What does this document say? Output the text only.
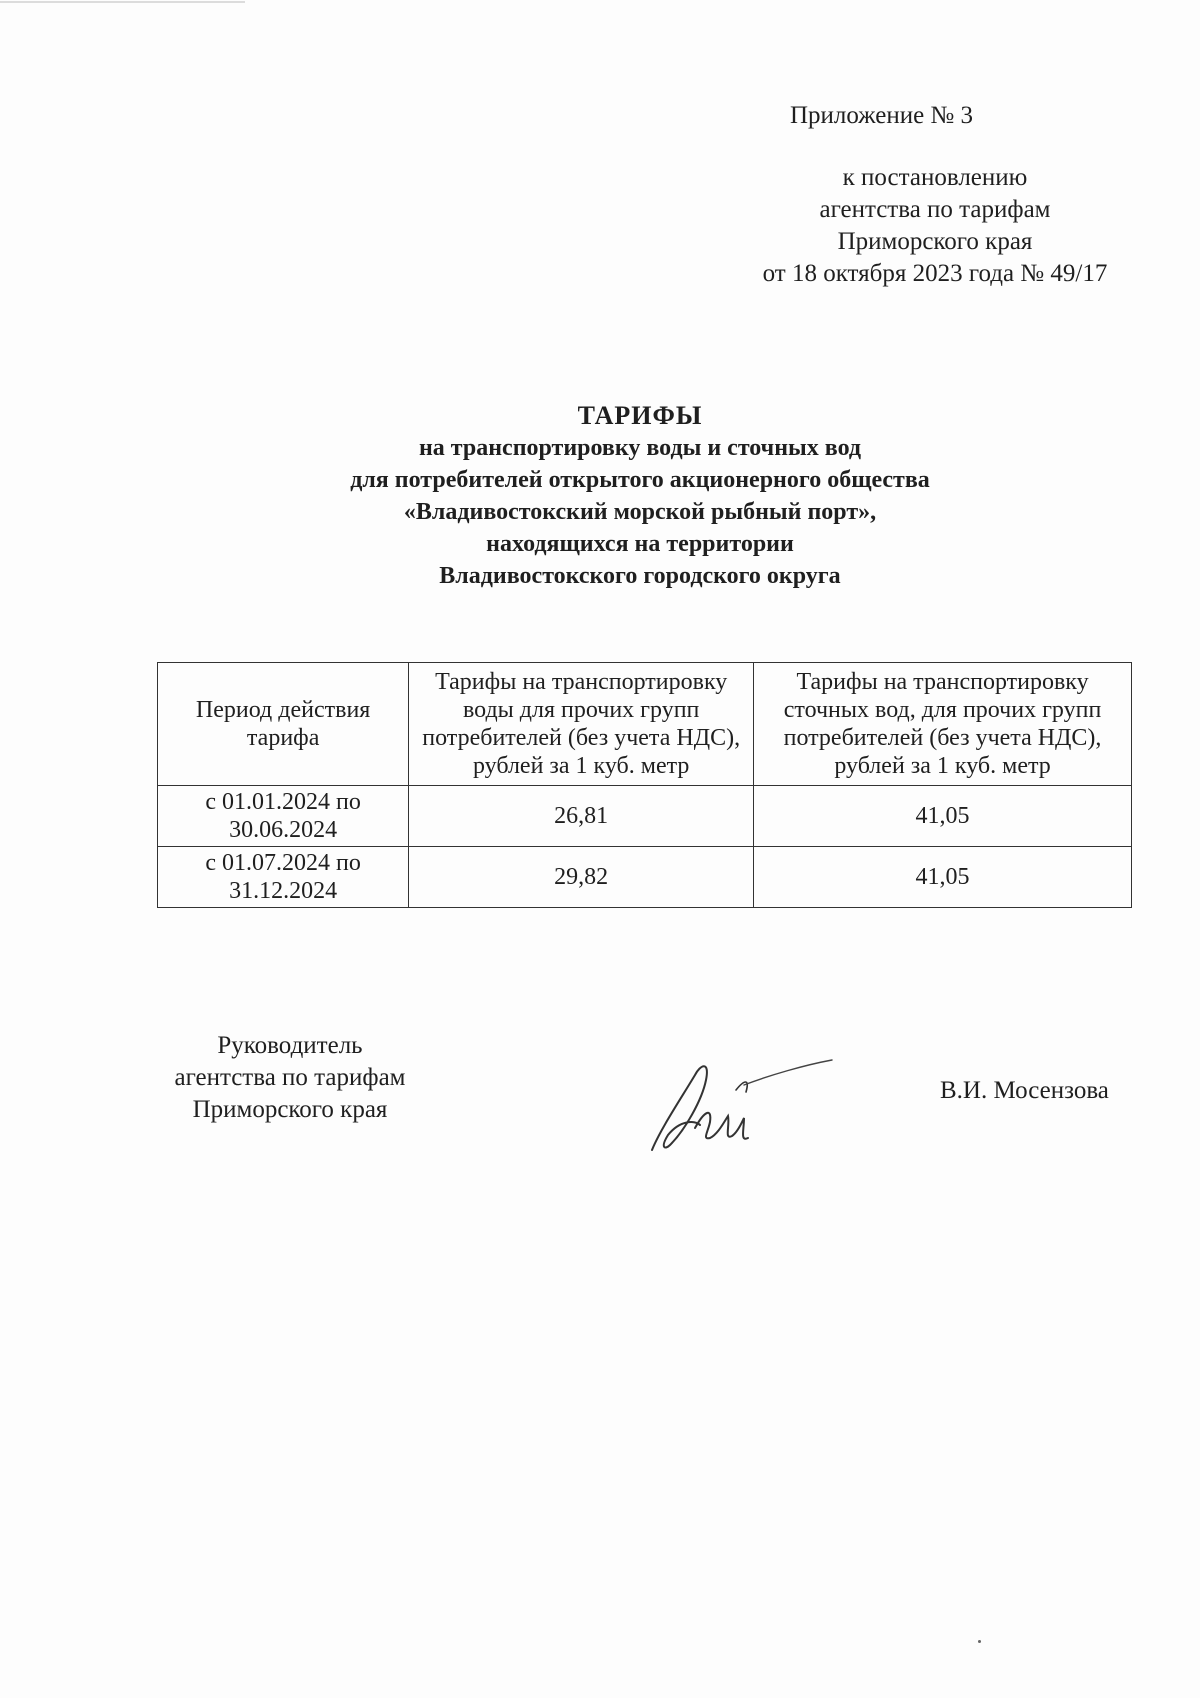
Приложение № 3
к постановлению
агентства по тарифам
Приморского края
от 18 октября 2023 года № 49/17
ТАРИФЫ
на транспортировку воды и сточных вод
для потребителей открытого акционерного общества
«Владивостокский морской рыбный порт»,
находящихся на территории
Владивостокского городского округа
Период действия тарифа	Тарифы на транспортировку воды для прочих групп потребителей (без учета НДС), рублей за 1 куб. метр	Тарифы на транспортировку сточных вод, для прочих групп потребителей (без учета НДС), рублей за 1 куб. метр
с 01.01.2024 по 30.06.2024	26,81	41,05
с 01.07.2024 по 31.12.2024	29,82	41,05
Руководитель
агентства по тарифам
Приморского края
В.И. Мосензова
